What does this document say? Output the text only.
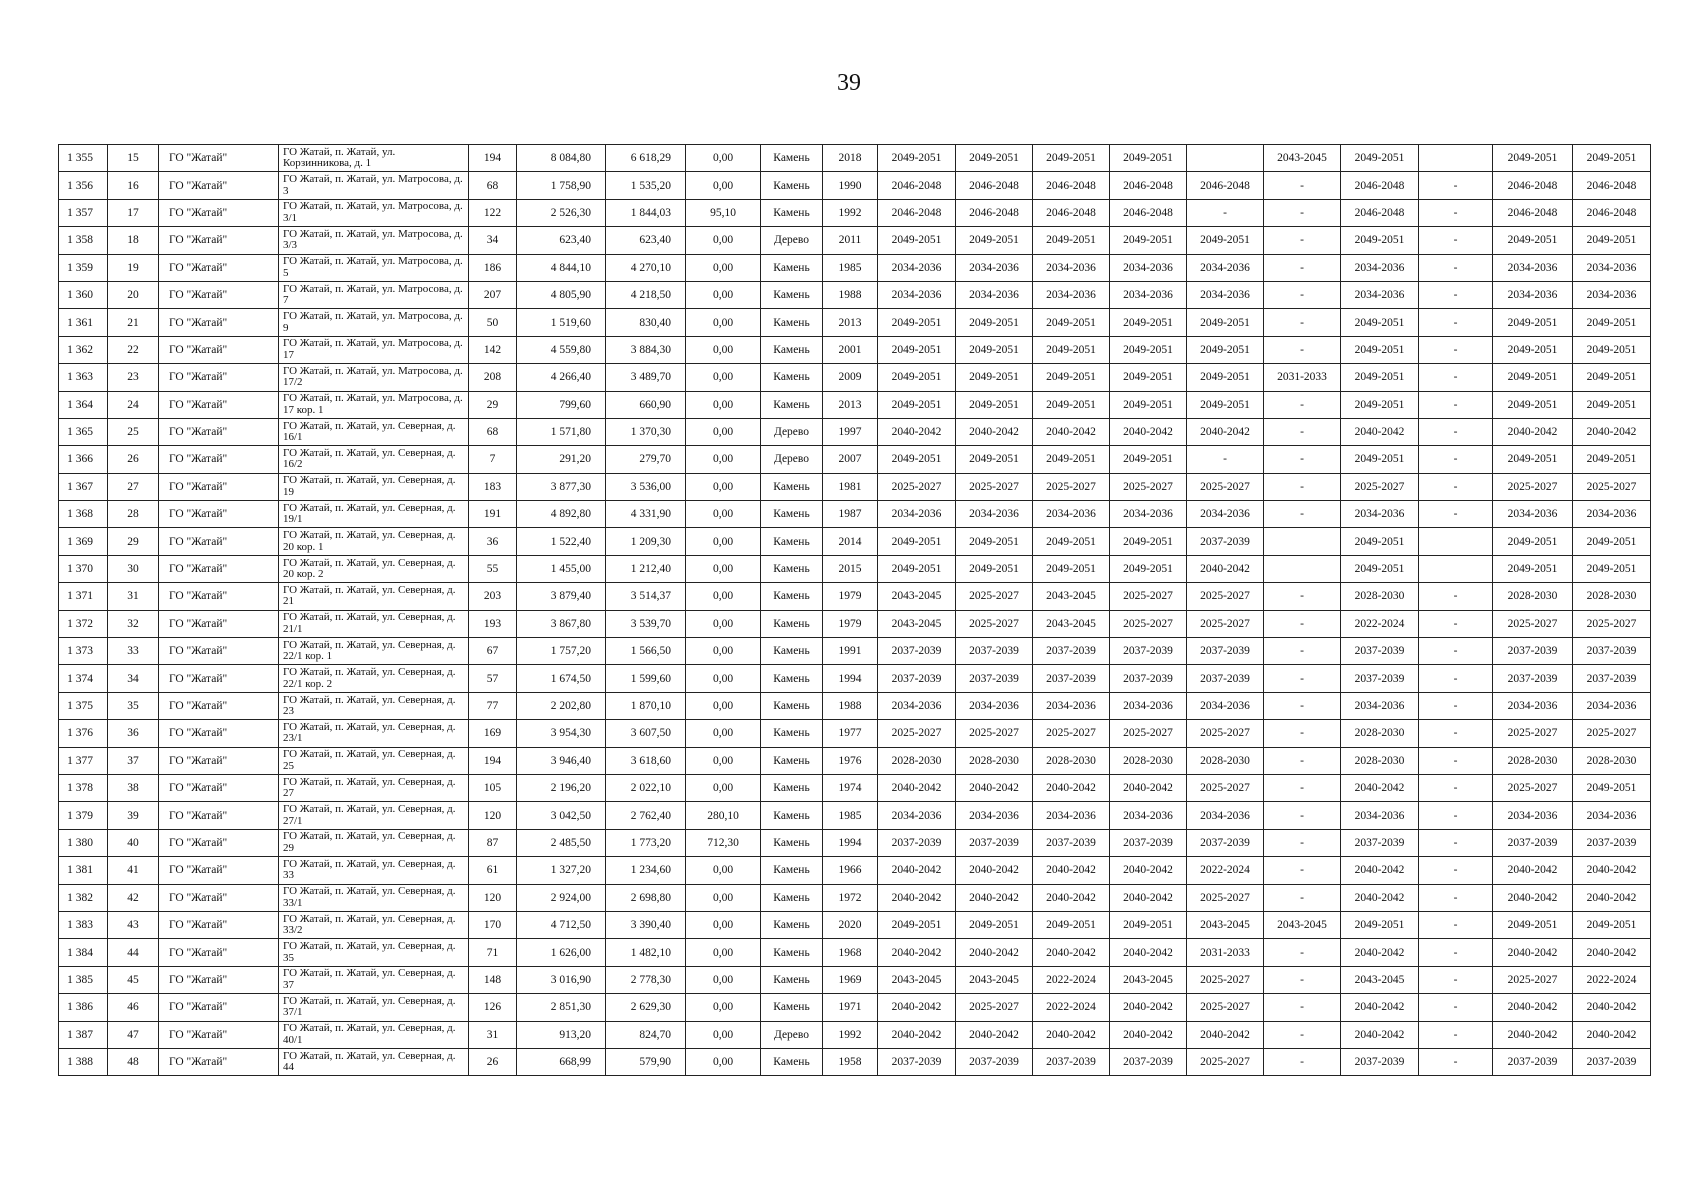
39
1 355	15	ГО "Жатай"	ГО Жатай, п. Жатай, ул. Корзинникова, д. 1	194	8 084,80	6 618,29	0,00	Камень	2018	2049-2051	2049-2051	2049-2051	2049-2051		2043-2045	2049-2051		2049-2051	2049-2051
1 356	16	ГО "Жатай"	ГО Жатай, п. Жатай, ул. Матросова, д. 3	68	1 758,90	1 535,20	0,00	Камень	1990	2046-2048	2046-2048	2046-2048	2046-2048	2046-2048	-	2046-2048	-	2046-2048	2046-2048
1 357	17	ГО "Жатай"	ГО Жатай, п. Жатай, ул. Матросова, д. 3/1	122	2 526,30	1 844,03	95,10	Камень	1992	2046-2048	2046-2048	2046-2048	2046-2048	-	-	2046-2048	-	2046-2048	2046-2048
1 358	18	ГО "Жатай"	ГО Жатай, п. Жатай, ул. Матросова, д. 3/3	34	623,40	623,40	0,00	Дерево	2011	2049-2051	2049-2051	2049-2051	2049-2051	2049-2051	-	2049-2051	-	2049-2051	2049-2051
1 359	19	ГО "Жатай"	ГО Жатай, п. Жатай, ул. Матросова, д. 5	186	4 844,10	4 270,10	0,00	Камень	1985	2034-2036	2034-2036	2034-2036	2034-2036	2034-2036	-	2034-2036	-	2034-2036	2034-2036
1 360	20	ГО "Жатай"	ГО Жатай, п. Жатай, ул. Матросова, д. 7	207	4 805,90	4 218,50	0,00	Камень	1988	2034-2036	2034-2036	2034-2036	2034-2036	2034-2036	-	2034-2036	-	2034-2036	2034-2036
1 361	21	ГО "Жатай"	ГО Жатай, п. Жатай, ул. Матросова, д. 9	50	1 519,60	830,40	0,00	Камень	2013	2049-2051	2049-2051	2049-2051	2049-2051	2049-2051	-	2049-2051	-	2049-2051	2049-2051
1 362	22	ГО "Жатай"	ГО Жатай, п. Жатай, ул. Матросова, д. 17	142	4 559,80	3 884,30	0,00	Камень	2001	2049-2051	2049-2051	2049-2051	2049-2051	2049-2051	-	2049-2051	-	2049-2051	2049-2051
1 363	23	ГО "Жатай"	ГО Жатай, п. Жатай, ул. Матросова, д. 17/2	208	4 266,40	3 489,70	0,00	Камень	2009	2049-2051	2049-2051	2049-2051	2049-2051	2049-2051	2031-2033	2049-2051	-	2049-2051	2049-2051
1 364	24	ГО "Жатай"	ГО Жатай, п. Жатай, ул. Матросова, д. 17 кор. 1	29	799,60	660,90	0,00	Камень	2013	2049-2051	2049-2051	2049-2051	2049-2051	2049-2051	-	2049-2051	-	2049-2051	2049-2051
1 365	25	ГО "Жатай"	ГО Жатай, п. Жатай, ул. Северная, д. 16/1	68	1 571,80	1 370,30	0,00	Дерево	1997	2040-2042	2040-2042	2040-2042	2040-2042	2040-2042	-	2040-2042	-	2040-2042	2040-2042
1 366	26	ГО "Жатай"	ГО Жатай, п. Жатай, ул. Северная, д. 16/2	7	291,20	279,70	0,00	Дерево	2007	2049-2051	2049-2051	2049-2051	2049-2051	-	-	2049-2051	-	2049-2051	2049-2051
1 367	27	ГО "Жатай"	ГО Жатай, п. Жатай, ул. Северная, д. 19	183	3 877,30	3 536,00	0,00	Камень	1981	2025-2027	2025-2027	2025-2027	2025-2027	2025-2027	-	2025-2027	-	2025-2027	2025-2027
1 368	28	ГО "Жатай"	ГО Жатай, п. Жатай, ул. Северная, д. 19/1	191	4 892,80	4 331,90	0,00	Камень	1987	2034-2036	2034-2036	2034-2036	2034-2036	2034-2036	-	2034-2036	-	2034-2036	2034-2036
1 369	29	ГО "Жатай"	ГО Жатай, п. Жатай, ул. Северная, д. 20 кор. 1	36	1 522,40	1 209,30	0,00	Камень	2014	2049-2051	2049-2051	2049-2051	2049-2051	2037-2039		2049-2051		2049-2051	2049-2051
1 370	30	ГО "Жатай"	ГО Жатай, п. Жатай, ул. Северная, д. 20 кор. 2	55	1 455,00	1 212,40	0,00	Камень	2015	2049-2051	2049-2051	2049-2051	2049-2051	2040-2042		2049-2051		2049-2051	2049-2051
1 371	31	ГО "Жатай"	ГО Жатай, п. Жатай, ул. Северная, д. 21	203	3 879,40	3 514,37	0,00	Камень	1979	2043-2045	2025-2027	2043-2045	2025-2027	2025-2027	-	2028-2030	-	2028-2030	2028-2030
1 372	32	ГО "Жатай"	ГО Жатай, п. Жатай, ул. Северная, д. 21/1	193	3 867,80	3 539,70	0,00	Камень	1979	2043-2045	2025-2027	2043-2045	2025-2027	2025-2027	-	2022-2024	-	2025-2027	2025-2027
1 373	33	ГО "Жатай"	ГО Жатай, п. Жатай, ул. Северная, д. 22/1 кор. 1	67	1 757,20	1 566,50	0,00	Камень	1991	2037-2039	2037-2039	2037-2039	2037-2039	2037-2039	-	2037-2039	-	2037-2039	2037-2039
1 374	34	ГО "Жатай"	ГО Жатай, п. Жатай, ул. Северная, д. 22/1 кор. 2	57	1 674,50	1 599,60	0,00	Камень	1994	2037-2039	2037-2039	2037-2039	2037-2039	2037-2039	-	2037-2039	-	2037-2039	2037-2039
1 375	35	ГО "Жатай"	ГО Жатай, п. Жатай, ул. Северная, д. 23	77	2 202,80	1 870,10	0,00	Камень	1988	2034-2036	2034-2036	2034-2036	2034-2036	2034-2036	-	2034-2036	-	2034-2036	2034-2036
1 376	36	ГО "Жатай"	ГО Жатай, п. Жатай, ул. Северная, д. 23/1	169	3 954,30	3 607,50	0,00	Камень	1977	2025-2027	2025-2027	2025-2027	2025-2027	2025-2027	-	2028-2030	-	2025-2027	2025-2027
1 377	37	ГО "Жатай"	ГО Жатай, п. Жатай, ул. Северная, д. 25	194	3 946,40	3 618,60	0,00	Камень	1976	2028-2030	2028-2030	2028-2030	2028-2030	2028-2030	-	2028-2030	-	2028-2030	2028-2030
1 378	38	ГО "Жатай"	ГО Жатай, п. Жатай, ул. Северная, д. 27	105	2 196,20	2 022,10	0,00	Камень	1974	2040-2042	2040-2042	2040-2042	2040-2042	2025-2027	-	2040-2042	-	2025-2027	2049-2051
1 379	39	ГО "Жатай"	ГО Жатай, п. Жатай, ул. Северная, д. 27/1	120	3 042,50	2 762,40	280,10	Камень	1985	2034-2036	2034-2036	2034-2036	2034-2036	2034-2036	-	2034-2036	-	2034-2036	2034-2036
1 380	40	ГО "Жатай"	ГО Жатай, п. Жатай, ул. Северная, д. 29	87	2 485,50	1 773,20	712,30	Камень	1994	2037-2039	2037-2039	2037-2039	2037-2039	2037-2039	-	2037-2039	-	2037-2039	2037-2039
1 381	41	ГО "Жатай"	ГО Жатай, п. Жатай, ул. Северная, д. 33	61	1 327,20	1 234,60	0,00	Камень	1966	2040-2042	2040-2042	2040-2042	2040-2042	2022-2024	-	2040-2042	-	2040-2042	2040-2042
1 382	42	ГО "Жатай"	ГО Жатай, п. Жатай, ул. Северная, д. 33/1	120	2 924,00	2 698,80	0,00	Камень	1972	2040-2042	2040-2042	2040-2042	2040-2042	2025-2027	-	2040-2042	-	2040-2042	2040-2042
1 383	43	ГО "Жатай"	ГО Жатай, п. Жатай, ул. Северная, д. 33/2	170	4 712,50	3 390,40	0,00	Камень	2020	2049-2051	2049-2051	2049-2051	2049-2051	2043-2045	2043-2045	2049-2051	-	2049-2051	2049-2051
1 384	44	ГО "Жатай"	ГО Жатай, п. Жатай, ул. Северная, д. 35	71	1 626,00	1 482,10	0,00	Камень	1968	2040-2042	2040-2042	2040-2042	2040-2042	2031-2033	-	2040-2042	-	2040-2042	2040-2042
1 385	45	ГО "Жатай"	ГО Жатай, п. Жатай, ул. Северная, д. 37	148	3 016,90	2 778,30	0,00	Камень	1969	2043-2045	2043-2045	2022-2024	2043-2045	2025-2027	-	2043-2045	-	2025-2027	2022-2024
1 386	46	ГО "Жатай"	ГО Жатай, п. Жатай, ул. Северная, д. 37/1	126	2 851,30	2 629,30	0,00	Камень	1971	2040-2042	2025-2027	2022-2024	2040-2042	2025-2027	-	2040-2042	-	2040-2042	2040-2042
1 387	47	ГО "Жатай"	ГО Жатай, п. Жатай, ул. Северная, д. 40/1	31	913,20	824,70	0,00	Дерево	1992	2040-2042	2040-2042	2040-2042	2040-2042	2040-2042	-	2040-2042	-	2040-2042	2040-2042
1 388	48	ГО "Жатай"	ГО Жатай, п. Жатай, ул. Северная, д. 44	26	668,99	579,90	0,00	Камень	1958	2037-2039	2037-2039	2037-2039	2037-2039	2025-2027	-	2037-2039	-	2037-2039	2037-2039
